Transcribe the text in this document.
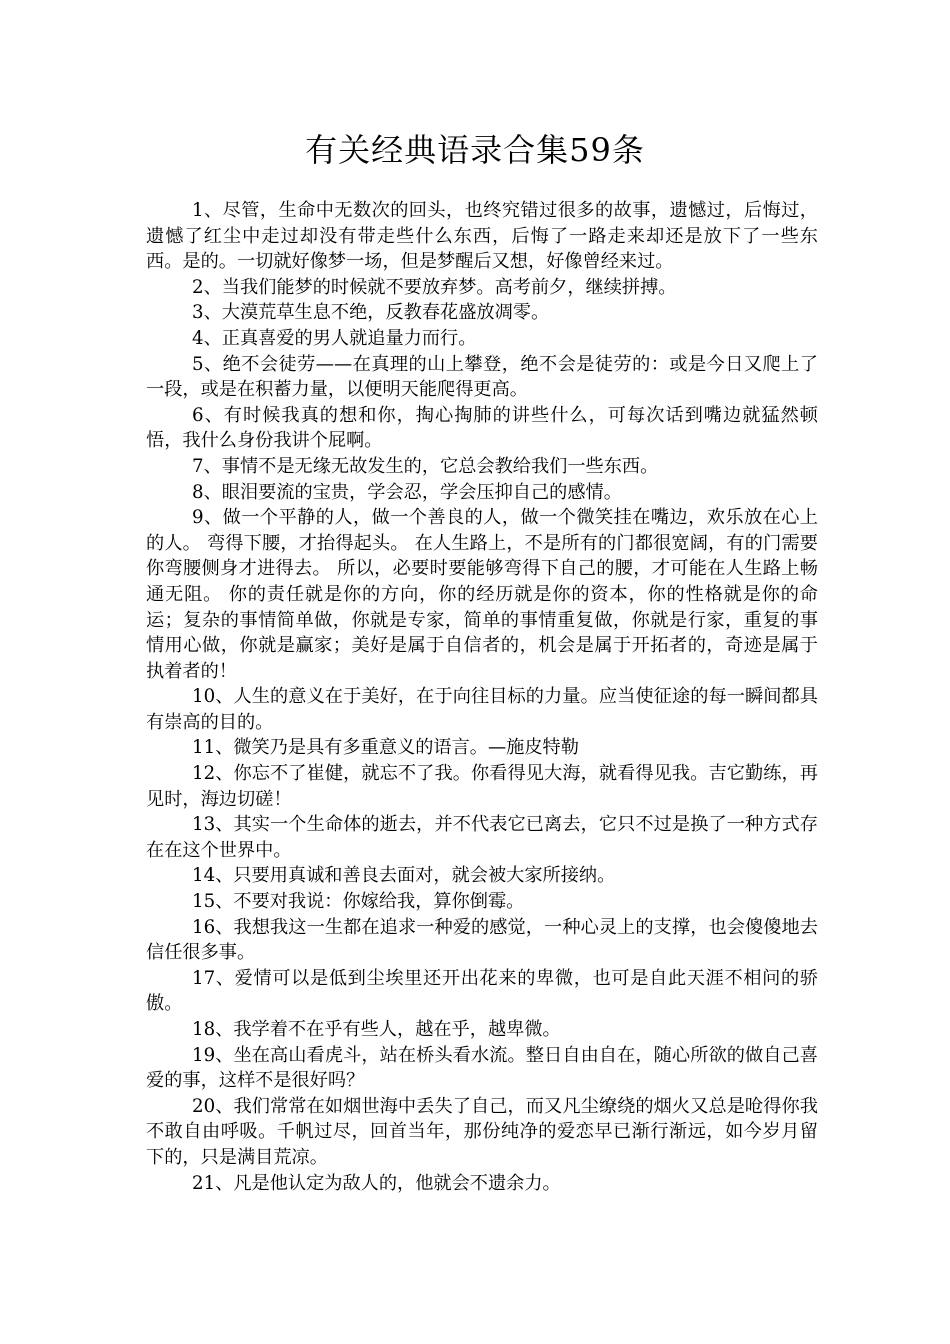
有关经典语录合集59条

1、尽管，生命中无数次的回头，也终究错过很多的故事，遗憾过，后悔过，遗憾了红尘中走过却没有带走些什么东西，后悔了一路走来却还是放下了一些东西。是的。一切就好像梦一场，但是梦醒后又想，好像曾经来过。

2、当我们能梦的时候就不要放弃梦。高考前夕，继续拼搏。

3、大漠荒草生息不绝，反教春花盛放凋零。

4、正真喜爱的男人就追量力而行。

5、绝不会徒劳——在真理的山上攀登，绝不会是徒劳的：或是今日又爬上了一段，或是在积蓄力量，以便明天能爬得更高。

6、有时候我真的想和你，掏心掏肺的讲些什么，可每次话到嘴边就猛然顿悟，我什么身份我讲个屁啊。

7、事情不是无缘无故发生的，它总会教给我们一些东西。

8、眼泪要流的宝贵，学会忍，学会压抑自己的感情。

9、做一个平静的人，做一个善良的人，做一个微笑挂在嘴边，欢乐放在心上的人。 弯得下腰，才抬得起头。 在人生路上，不是所有的门都很宽阔，有的门需要你弯腰侧身才进得去。 所以，必要时要能够弯得下自己的腰，才可能在人生路上畅通无阻。 你的责任就是你的方向，你的经历就是你的资本，你的性格就是你的命运；复杂的事情简单做，你就是专家，简单的事情重复做，你就是行家，重复的事情用心做，你就是赢家；美好是属于自信者的，机会是属于开拓者的，奇迹是属于执着者的！

10、人生的意义在于美好，在于向往目标的力量。应当使征途的每一瞬间都具有崇高的目的。

11、微笑乃是具有多重意义的语言。—施皮特勒

12、你忘不了崔健，就忘不了我。你看得见大海，就看得见我。吉它勤练，再见时，海边切磋！

13、其实一个生命体的逝去，并不代表它已离去，它只不过是换了一种方式存在在这个世界中。

14、只要用真诚和善良去面对，就会被大家所接纳。

15、不要对我说：你嫁给我，算你倒霉。

16、我想我这一生都在追求一种爱的感觉，一种心灵上的支撑，也会傻傻地去信任很多事。

17、爱情可以是低到尘埃里还开出花来的卑微，也可是自此天涯不相问的骄傲。

18、我学着不在乎有些人，越在乎，越卑微。

19、坐在高山看虎斗，站在桥头看水流。整日自由自在，随心所欲的做自己喜爱的事，这样不是很好吗？

20、我们常常在如烟世海中丢失了自己，而又凡尘缭绕的烟火又总是呛得你我不敢自由呼吸。千帆过尽，回首当年，那份纯净的爱恋早已渐行渐远，如今岁月留下的，只是满目荒凉。

21、凡是他认定为敌人的，他就会不遗余力。
